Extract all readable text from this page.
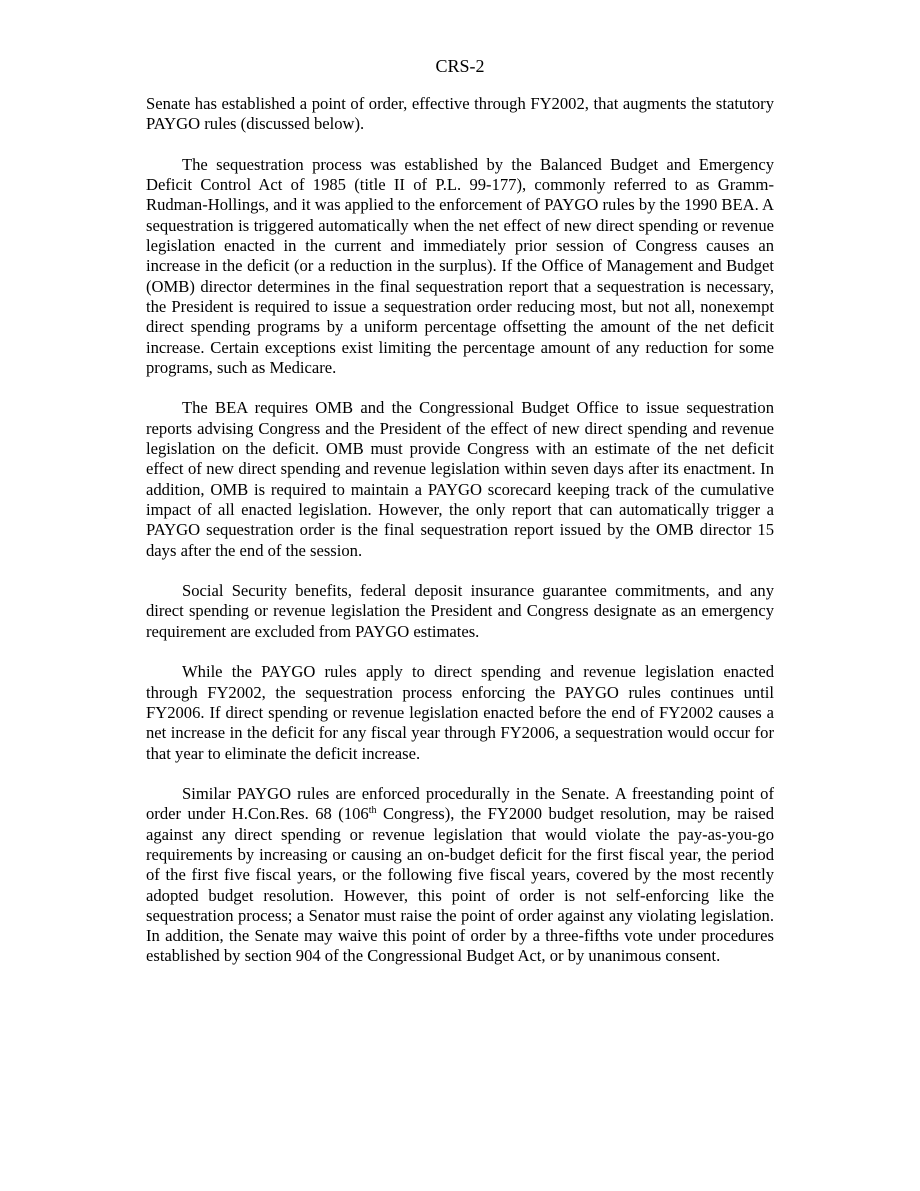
CRS-2

Senate has established a point of order, effective through FY2002, that augments the statutory PAYGO rules (discussed below).

The sequestration process was established by the Balanced Budget and Emergency Deficit Control Act of 1985 (title II of P.L. 99-177), commonly referred to as Gramm-Rudman-Hollings, and it was applied to the enforcement of PAYGO rules by the 1990 BEA. A sequestration is triggered automatically when the net effect of new direct spending or revenue legislation enacted in the current and immediately prior session of Congress causes an increase in the deficit (or a reduction in the surplus). If the Office of Management and Budget (OMB) director determines in the final sequestration report that a sequestration is necessary, the President is required to issue a sequestration order reducing most, but not all, nonexempt direct spending programs by a uniform percentage offsetting the amount of the net deficit increase. Certain exceptions exist limiting the percentage amount of any reduction for some programs, such as Medicare.

The BEA requires OMB and the Congressional Budget Office to issue sequestration reports advising Congress and the President of the effect of new direct spending and revenue legislation on the deficit. OMB must provide Congress with an estimate of the net deficit effect of new direct spending and revenue legislation within seven days after its enactment. In addition, OMB is required to maintain a PAYGO scorecard keeping track of the cumulative impact of all enacted legislation. However, the only report that can automatically trigger a PAYGO sequestration order is the final sequestration report issued by the OMB director 15 days after the end of the session.

Social Security benefits, federal deposit insurance guarantee commitments, and any direct spending or revenue legislation the President and Congress designate as an emergency requirement are excluded from PAYGO estimates.

While the PAYGO rules apply to direct spending and revenue legislation enacted through FY2002, the sequestration process enforcing the PAYGO rules continues until FY2006. If direct spending or revenue legislation enacted before the end of FY2002 causes a net increase in the deficit for any fiscal year through FY2006, a sequestration would occur for that year to eliminate the deficit increase.

Similar PAYGO rules are enforced procedurally in the Senate. A freestanding point of order under H.Con.Res. 68 (106th Congress), the FY2000 budget resolution, may be raised against any direct spending or revenue legislation that would violate the pay-as-you-go requirements by increasing or causing an on-budget deficit for the first fiscal year, the period of the first five fiscal years, or the following five fiscal years, covered by the most recently adopted budget resolution. However, this point of order is not self-enforcing like the sequestration process; a Senator must raise the point of order against any violating legislation. In addition, the Senate may waive this point of order by a three-fifths vote under procedures established by section 904 of the Congressional Budget Act, or by unanimous consent.
